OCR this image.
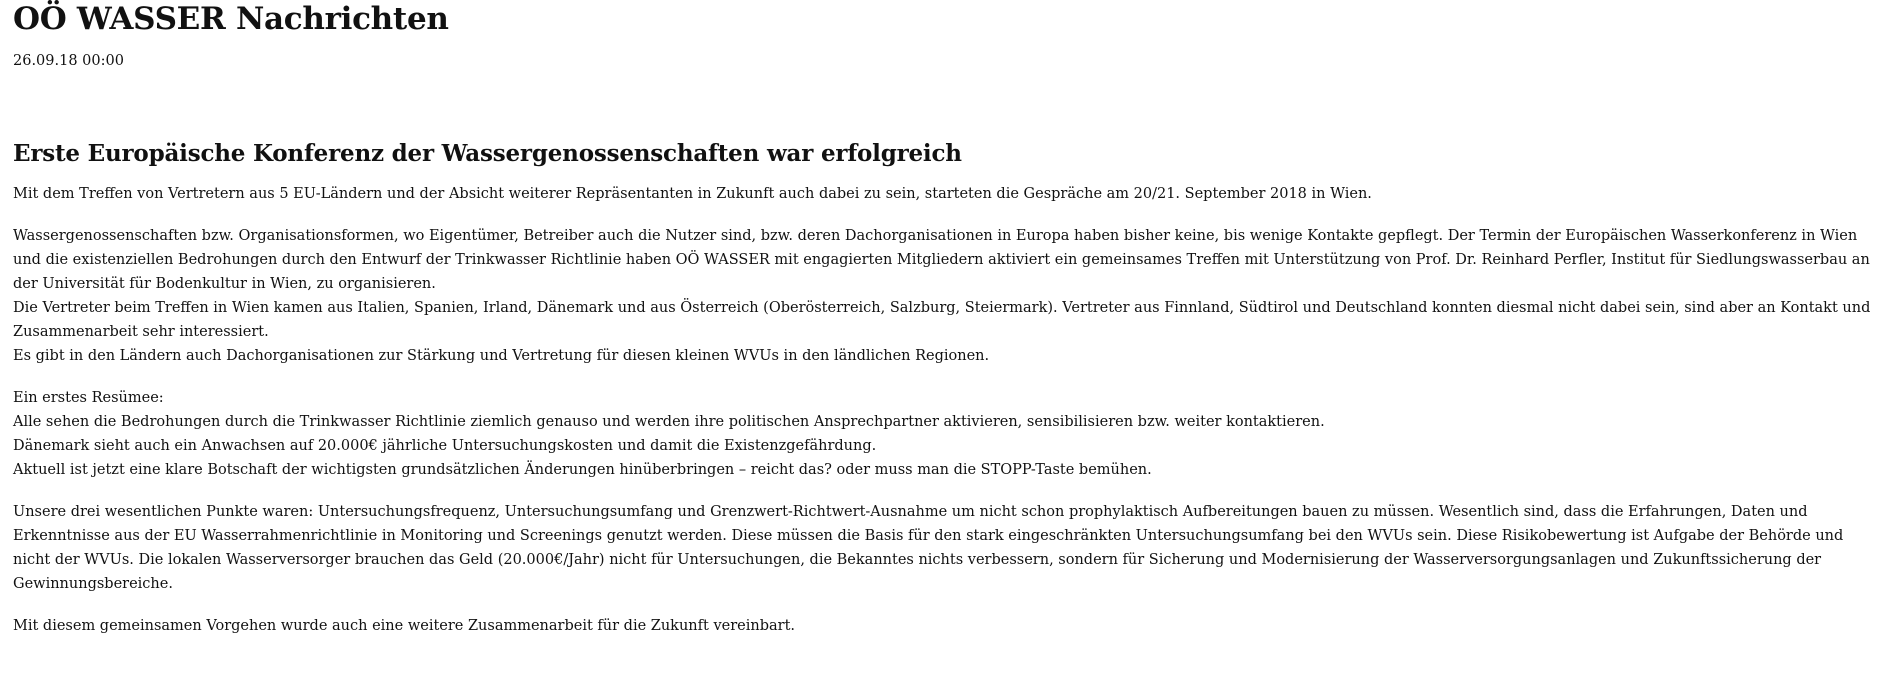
OÖ WASSER Nachrichten
26.09.18 00:00
Erste Europäische Konferenz der Wassergenossenschaften war erfolgreich

Mit dem Treffen von Vertretern aus 5 EU-Ländern und der Absicht weiterer Repräsentanten in Zukunft auch dabei zu sein, starteten die Gespräche am 20/21. September 2018 in Wien.

Wassergenossenschaften bzw. Organisationsformen, wo Eigentümer, Betreiber auch die Nutzer sind, bzw. deren Dachorganisationen in Europa haben bisher keine, bis wenige Kontakte gepflegt. Der Termin der Europäischen Wasserkonferenz in Wien und die existenziellen Bedrohungen durch den Entwurf der Trinkwasser Richtlinie haben OÖ WASSER mit engagierten Mitgliedern aktiviert ein gemeinsames Treffen mit Unterstützung von Prof. Dr. Reinhard Perfler, Institut für Siedlungswasserbau an der Universität für Bodenkultur in Wien, zu organisieren.
Die Vertreter beim Treffen in Wien kamen aus Italien, Spanien, Irland, Dänemark und aus Österreich (Oberösterreich, Salzburg, Steiermark). Vertreter aus Finnland, Südtirol und Deutschland konnten diesmal nicht dabei sein, sind aber an Kontakt und Zusammenarbeit sehr interessiert.
Es gibt in den Ländern auch Dachorganisationen zur Stärkung und Vertretung für diesen kleinen WVUs in den ländlichen Regionen.

Ein erstes Resümee:
Alle sehen die Bedrohungen durch die Trinkwasser Richtlinie ziemlich genauso und werden ihre politischen Ansprechpartner aktivieren, sensibilisieren bzw. weiter kontaktieren.
Dänemark sieht auch ein Anwachsen auf 20.000€ jährliche Untersuchungskosten und damit die Existenzgefährdung.
Aktuell ist jetzt eine klare Botschaft der wichtigsten grundsätzlichen Änderungen hinüberbringen – reicht das? oder muss man die STOPP-Taste bemühen.

Unsere drei wesentlichen Punkte waren: Untersuchungsfrequenz, Untersuchungsumfang und Grenzwert-Richtwert-Ausnahme um nicht schon prophylaktisch Aufbereitungen bauen zu müssen. Wesentlich sind, dass die Erfahrungen, Daten und Erkenntnisse aus der EU Wasserrahmenrichtlinie in Monitoring und Screenings genutzt werden. Diese müssen die Basis für den stark eingeschränkten Untersuchungsumfang bei den WVUs sein. Diese Risikobewertung ist Aufgabe der Behörde und nicht der WVUs. Die lokalen Wasserversorger brauchen das Geld (20.000€/Jahr) nicht für Untersuchungen, die Bekanntes nichts verbessern, sondern für Sicherung und Modernisierung der Wasserversorgungsanlagen und Zukunftssicherung der Gewinnungsbereiche.

Mit diesem gemeinsamen Vorgehen wurde auch eine weitere Zusammenarbeit für die Zukunft vereinbart.
